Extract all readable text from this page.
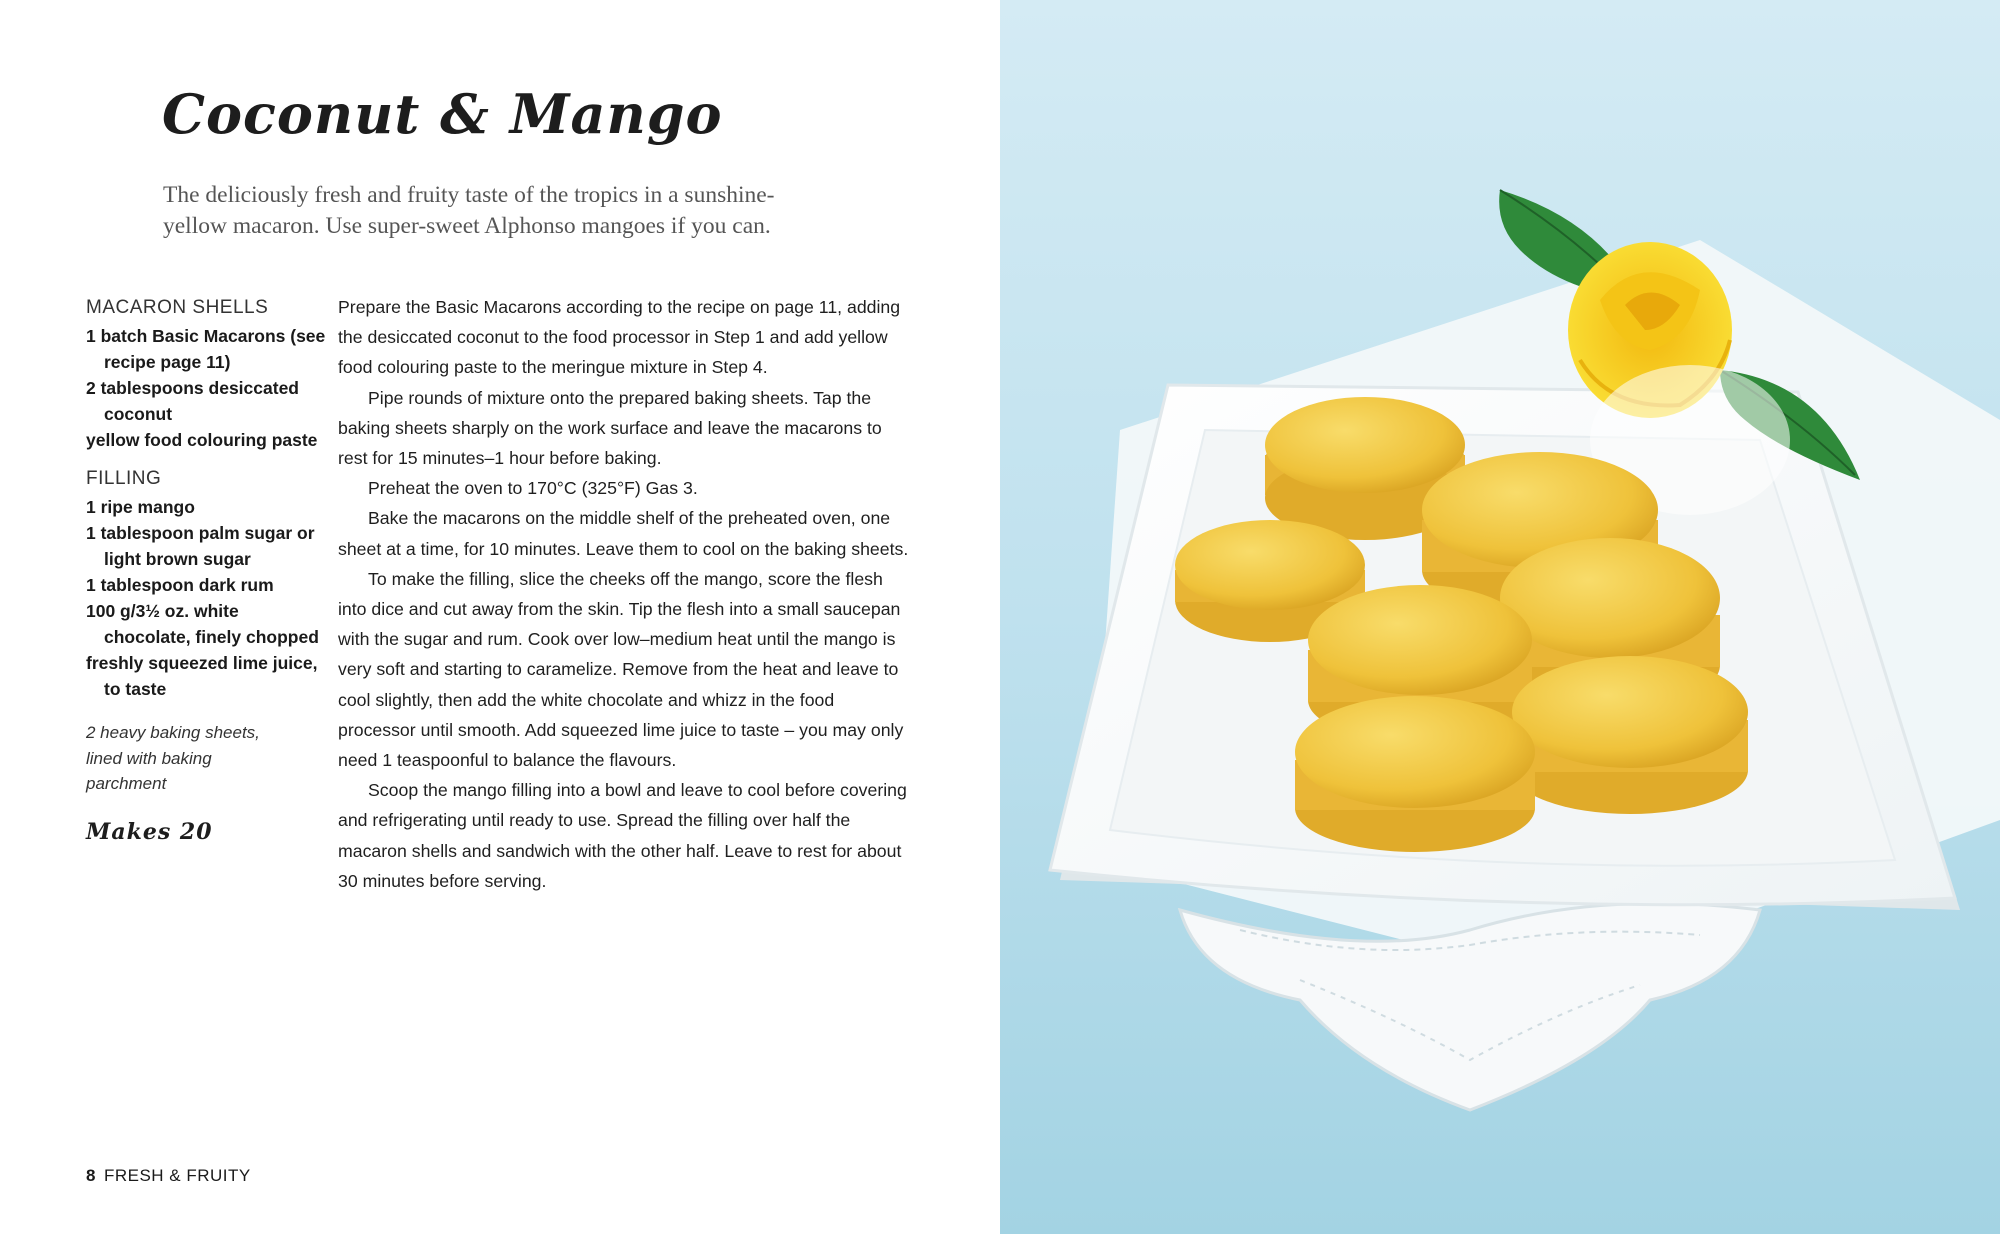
Coconut & Mango

The deliciously fresh and fruity taste of the tropics in a sunshine-yellow macaron. Use super-sweet Alphonso mangoes if you can.

MACARON SHELLS
1 batch Basic Macarons (see recipe page 11)
2 tablespoons desiccated coconut
yellow food colouring paste
FILLING
1 ripe mango
1 tablespoon palm sugar or light brown sugar
1 tablespoon dark rum
100 g/3½ oz. white chocolate, finely chopped
freshly squeezed lime juice, to taste

2 heavy baking sheets, lined with baking parchment

Makes 20

Prepare the Basic Macarons according to the recipe on page 11, adding the desiccated coconut to the food processor in Step 1 and add yellow food colouring paste to the meringue mixture in Step 4.

Pipe rounds of mixture onto the prepared baking sheets. Tap the baking sheets sharply on the work surface and leave the macarons to rest for 15 minutes–1 hour before baking.

Preheat the oven to 170°C (325°F) Gas 3.

Bake the macarons on the middle shelf of the preheated oven, one sheet at a time, for 10 minutes. Leave them to cool on the baking sheets.

To make the filling, slice the cheeks off the mango, score the flesh into dice and cut away from the skin. Tip the flesh into a small saucepan with the sugar and rum. Cook over low–medium heat until the mango is very soft and starting to caramelize. Remove from the heat and leave to cool slightly, then add the white chocolate and whizz in the food processor until smooth. Add squeezed lime juice to taste – you may only need 1 teaspoonful to balance the flavours.

Scoop the mango filling into a bowl and leave to cool before covering and refrigerating until ready to use. Spread the filling over half the macaron shells and sandwich with the other half. Leave to rest for about 30 minutes before serving.

8 FRESH & FRUITY
